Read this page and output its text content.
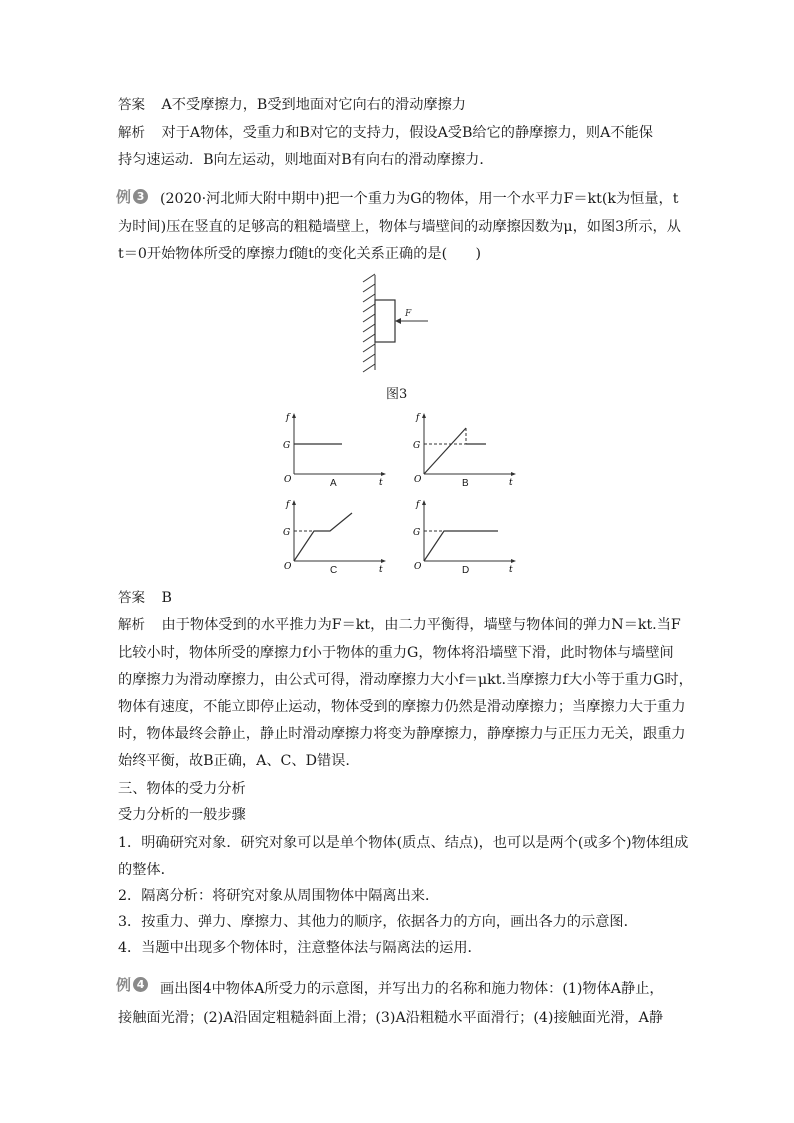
答案 A不受摩擦力，B受到地面对它向右的滑动摩擦力
解析 对于A物体，受重力和B对它的支持力，假设A受B给它的静摩擦力，则A不能保
持匀速运动．B向左运动，则地面对B有向右的滑动摩擦力．
例 3 (2020·河北师大附中期中)把一个重力为G的物体，用一个水平力F＝kt(k为恒量，t
为时间)压在竖直的足够高的粗糙墙壁上，物体与墙壁间的动摩擦因数为μ，如图3所示，从
t＝0开始物体所受的摩擦力f随t的变化关系正确的是(　　)
F
图3
f
t
O
G
A
f
t
O
G
B
f
t
O
G
C
f
t
O
G
D
答案 B
解析 由于物体受到的水平推力为F＝kt，由二力平衡得，墙壁与物体间的弹力N＝kt.当F
比较小时，物体所受的摩擦力f小于物体的重力G，物体将沿墙壁下滑，此时物体与墙壁间
的摩擦力为滑动摩擦力，由公式可得，滑动摩擦力大小f＝μkt.当摩擦力f大小等于重力G时，
物体有速度，不能立即停止运动，物体受到的摩擦力仍然是滑动摩擦力；当摩擦力大于重力
时，物体最终会静止，静止时滑动摩擦力将变为静摩擦力，静摩擦力与正压力无关，跟重力
始终平衡，故B正确，A、C、D错误.
三、物体的受力分析
受力分析的一般步骤
1．明确研究对象．研究对象可以是单个物体(质点、结点)，也可以是两个(或多个)物体组成
的整体．
2．隔离分析：将研究对象从周围物体中隔离出来．
3．按重力、弹力、摩擦力、其他力的顺序，依据各力的方向，画出各力的示意图．
4．当题中出现多个物体时，注意整体法与隔离法的运用．
例 4 画出图4中物体A所受力的示意图，并写出力的名称和施力物体：(1)物体A静止，
接触面光滑；(2)A沿固定粗糙斜面上滑；(3)A沿粗糙水平面滑行；(4)接触面光滑，A静
